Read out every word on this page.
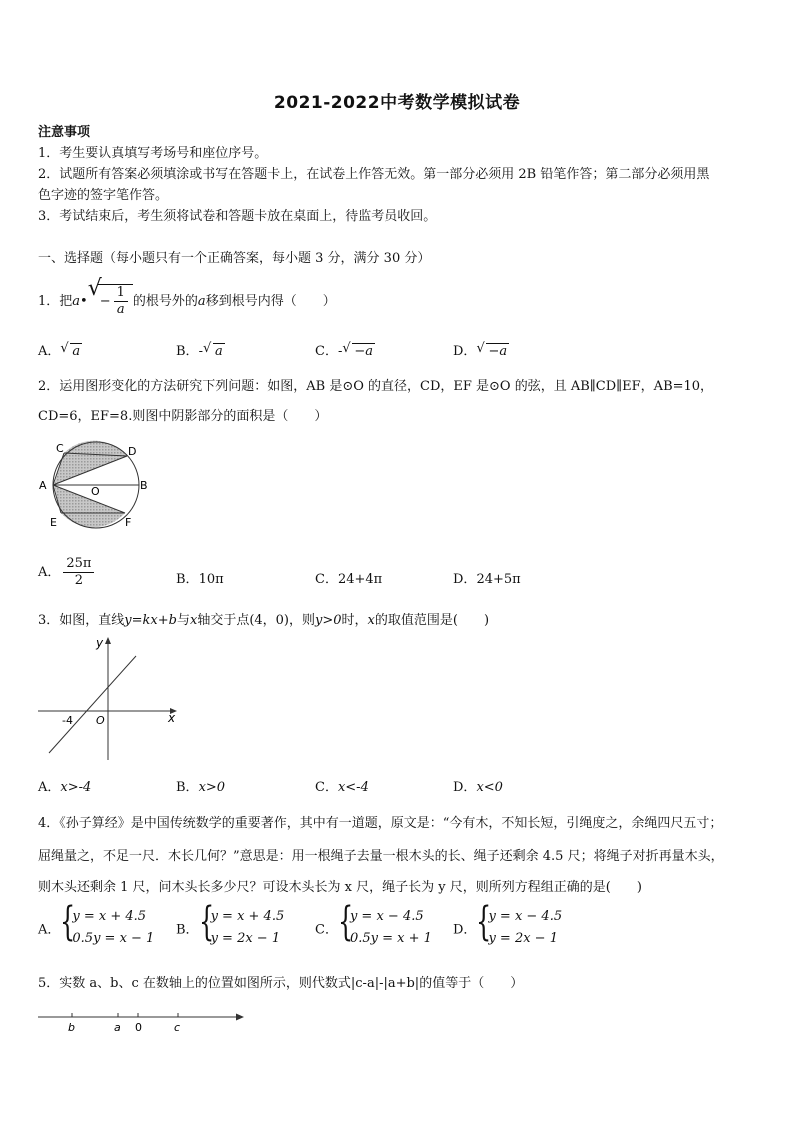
2021-2022中考数学模拟试卷
注意事项
1．考生要认真填写考场号和座位序号。
2．试题所有答案必须填涂或书写在答题卡上，在试卷上作答无效。第一部分必须用 2B 铅笔作答；第二部分必须用黑
色字迹的签字笔作答。
3．考试结束后，考生须将试卷和答题卡放在桌面上，待监考员收回。
一、选择题（每小题只有一个正确答案，每小题 3 分，满分 30 分）
1．把a•
√
− $\frac{1}{a}$ 的根号外的a移到根号内得（　　）
A． √ a	B．- √ a	C．- √ −a	D． √ −a
2．运用图形变化的方法研究下列问题：如图，AB 是⊙O 的直径，CD，EF 是⊙O 的弦，且 AB∥CD∥EF，AB=10，
CD=6，EF=8.则图中阴影部分的面积是（　　）
C	D
A	B
O
E	F
A． $\frac{25\pi}{2}$	B．10π	C．24+4π	D．24+5π
3．如图，直线y=kx+b与x轴交于点(4，0)，则y>0时，x的取值范围是(　　)
y
x
O
-4
A．x>-4	B．x>0	C．x<-4	D．x<0
4．《孙子算经》是中国传统数学的重要著作，其中有一道题，原文是：“今有木，不知长短，引绳度之，余绳四尺五寸；
屈绳量之，不足一尺．木长几何？”意思是：用一根绳子去量一根木头的长、绳子还剩余 4.5 尺；将绳子对折再量木头，
则木头还剩余 1 尺，问木头长多少尺？可设木头长为 x 尺，绳子长为 y 尺，则所列方程组正确的是(　　)
A． {
y = x + 4.5
0.5y = x − 1
B． {
y = x + 4.5
y = 2x − 1
C． {
y = x − 4.5
0.5y = x + 1
D． {
y = x − 4.5
y = 2x − 1
5．实数 a、b、c 在数轴上的位置如图所示，则代数式|c-a|-|a+b|的值等于（　　）
b	a 0	c
